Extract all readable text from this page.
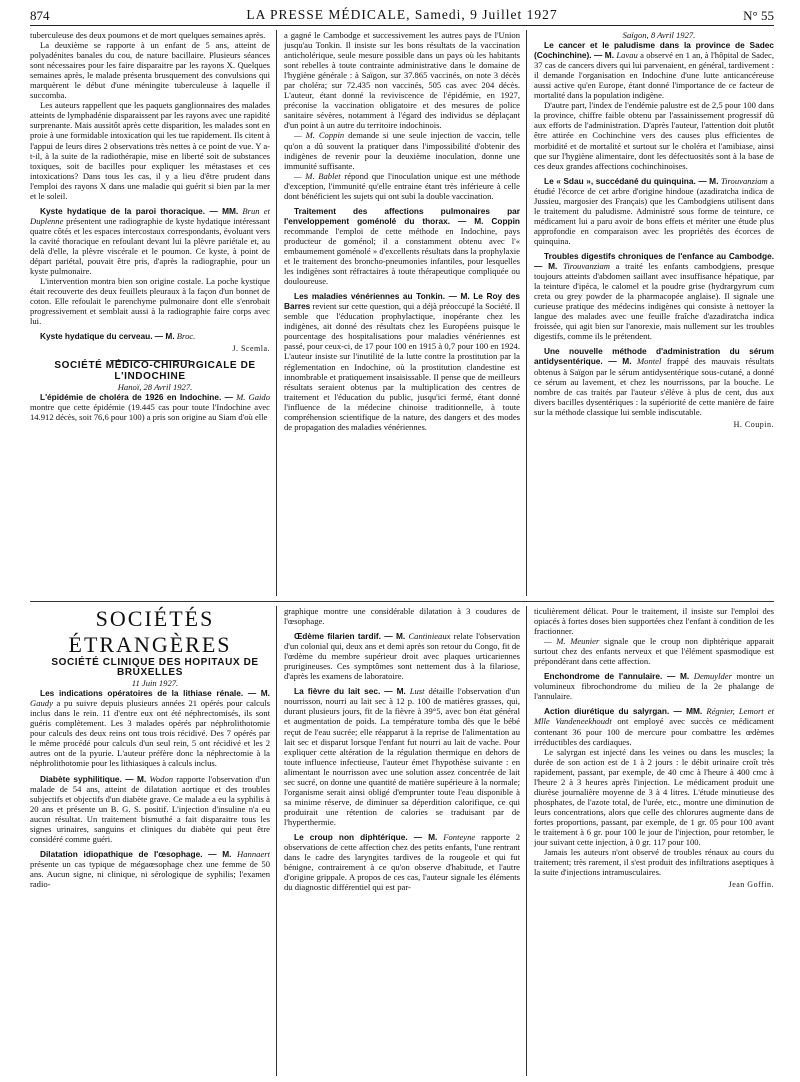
874	LA PRESSE MÉDICALE, Samedi, 9 Juillet 1927	N° 55

tuberculeuse des deux poumons et de mort quelques semaines après.

La deuxième se rapporte à un enfant de 5 ans, atteint de polyadénites banales du cou, de nature bacillaire. Plusieurs séances sont nécessaires pour les faire disparaitre par les rayons X. Quelques semaines après, le malade présenta brusquement des convulsions qui marquèrent le début d'une méningite tuberculeuse à laquelle il succomba.

Les auteurs rappellent que les paquets ganglionnaires des malades atteints de lymphadénie disparaissent par les rayons avec une rapidité surprenante. Mais aussitôt après cette disparition, les malades sont en proie à une formidable intoxication qui les tue rapidement. Ils citent à l'appui de leurs dires 2 observations très nettes à ce point de vue. Y a-t-il, à la suite de la radiothérapie, mise en liberté soit de substances toxiques, soit de bacilles pour expliquer les métastases et ces intoxications? Dans tous les cas, il y a lieu d'être prudent dans l'emploi des rayons X dans une maladie qui guérit si bien par la mer et le soleil.

Kyste hydatique de la paroi thoracique. — MM. Brun et Duplenne présentent une radiographie de kyste hydatique intéressant quatre côtés et les espaces intercostaux correspondants, évoluant vers la cavité thoracique en refoulant devant lui la plèvre pariétale et, au delà d'elle, la plèvre viscérale et le poumon. Ce kyste, à point de départ pariétal, pouvait être pris, d'après la radiographie, pour un kyste pulmonaire.

L'intervention montra bien son origine costale. La poche kystique était recouverte des deux feuillets pleuraux à la façon d'un bonnet de coton. Elle refoulait le parenchyme pulmonaire dont elle s'enrobait progressivement et semblait aussi à la radiographie faire corps avec lui.

Kyste hydatique du cerveau. — M. Broc.

J. Scemla.

SOCIÉTÉ MÉDICO-CHIRURGICALE DE L'INDOCHINE

Hanoï, 28 Avril 1927.

L'épidémie de choléra de 1926 en Indochine. — M. Gaido montre que cette épidémie (19.445 cas pour toute l'Indochine avec 14.912 décès, soit 76,6 pour 100) a pris son origine au Siam d'où elle

a gagné le Cambodge et successivement les autres pays de l'Union jusqu'au Tonkin. Il insiste sur les bons résultats de la vaccination anticholérique, seule mesure possible dans un pays où les habitants sont rebelles à toute contrainte administrative dans le domaine de l'hygiène générale : à Saïgon, sur 37.865 vaccinés, on note 3 décès par choléra; sur 72.435 non vaccinés, 505 cas avec 204 décès. L'auteur, étant donné la reviviscence de l'épidémie, en 1927, préconise la vaccination obligatoire et des mesures de police sanitaire sévères, notamment à l'égard des individus se déplaçant d'un point à un autre du territoire indochinois.

— M. Coppin demande si une seule injection de vaccin, telle qu'on a dû souvent la pratiquer dans l'impossibilité d'obtenir des indigènes de revenir pour la deuxième inoculation, donne une immunité suffisante.

— M. Bablet répond que l'inoculation unique est une méthode d'exception, l'immunité qu'elle entraine étant très inférieure à celle dont bénéficient les sujets qui ont subi la double vaccination.

Traitement des affections pulmonaires par l'enveloppement goménolé du thorax. — M. Coppin recommande l'emploi de cette méthode en Indochine, pays producteur de goménol; il a constamment obtenu avec l'« embaumement goménolé » d'excellents résultats dans la prophylaxie et le traitement des broncho-pneumonies infantiles, pour lesquelles les indigènes sont réfractaires à toute thérapeutique compliquée ou douloureuse.

Les maladies vénériennes au Tonkin. — M. Le Roy des Barres revient sur cette question, qui a déjà préoccupé la Société. Il semble que l'éducation prophylactique, inopérante chez les indigènes, ait donné des résultats chez les Européens puisque le pourcentage des hospitalisations pour maladies vénériennes est passé, pour ceux-ci, de 17 pour 100 en 1915 à 0,7 pour 100 en 1924. L'auteur insiste sur l'inutilité de la lutte contre la prostitution par la réglementation en Indochine, où la prostitution clandestine est innombrable et pratiquement insaisissable. Il pense que de meilleurs résultats seraient obtenus par la multiplication des centres de traitement et l'éducation du public, jusqu'ici fermé, étant donné l'influence de la médecine chinoise traditionnelle, à toute compréhension scientifique de la nature, des dangers et des modes de propagation des maladies vénériennes.

Saïgon, 8 Avril 1927.

Le cancer et le paludisme dans la province de Sadec (Cochinchine). — M. Lavau a observé en 1 an, à l'hôpital de Sadec, 37 cas de cancers divers qui lui parvenaient, en général, tardivement : il demande l'organisation en Indochine d'une lutte anticancéreuse aussi active qu'en Europe, étant donné l'importance de ce facteur de mortalité dans la population indigène.

D'autre part, l'index de l'endémie palustre est de 2,5 pour 100 dans la province, chiffre faible obtenu par l'assainissement progressif dû aux efforts de l'administration. D'après l'auteur, l'attention doit plutôt être attirée en Cochinchine vers des causes plus efficientes de morbidité et de mortalité et surtout sur le choléra et l'amibiase, ainsi que sur l'hygiène alimentaire, dont les défectuosités sont à la base de ces deux grandes affections cochinchinoises.

Le « Sdau », succédané du quinquina. — M. Tirouvanziam a étudié l'écorce de cet arbre d'origine hindoue (azadiratcha indica de Jussieu, margosier des Français) que les Cambodgiens utilisent dans le traitement du paludisme. Administré sous forme de teinture, ce médicament lui a paru avoir de bons effets et mériter une étude plus approfondie en comparaison avec les propriétés des écorces de quinquina.

Troubles digestifs chroniques de l'enfance au Cambodge. — M. Tirouvanziam a traité les enfants cambodgiens, presque toujours atteints d'abdomen saillant avec insuffisance hépatique, par la teinture d'ipéca, le calomel et la poudre grise (hydrargyrum cum creta ou grey powder de la pharmacopée anglaise). Il signale une curieuse pratique des médecins indigènes qui consiste à nettoyer la langue des malades avec une feuille fraîche d'azadiratcha indica froissée, qui agit bien sur l'anorexie, mais nullement sur les troubles digestifs, comme ils le prétendent.

Une nouvelle méthode d'administration du sérum antidysentérique. — M. Montel frappé des mauvais résultats obtenus à Saïgon par le sérum antidysentérique sous-cutané, a donné ce sérum au lavement, et chez les nourrissons, par la bouche. Le nombre de cas traités par l'auteur s'élève à plus de cent, dus aux divers bacilles dysentériques : la supériorité de cette manière de faire sur la méthode classique lui semble indiscutable.

H. Coupin.

SOCIÉTÉS ÉTRANGÈRES

SOCIÉTÉ CLINIQUE DES HOPITAUX DE BRUXELLES

11 Juin 1927.

Les indications opératoires de la lithiase rénale. — M. Gaudy a pu suivre depuis plusieurs années 21 opérés pour calculs inclus dans le rein. 11 d'entre eux ont été néphrectomisés, ils sont guéris complètement. Les 3 malades opérés par néphrolithotomie pour calculs des deux reins ont tous trois récidivé. Des 7 opérés par le même procédé pour calculs d'un seul rein, 5 ont récidivé et les 2 autres ont de la pyurie. L'auteur préfère donc la néphrectomie à la néphrolithotomie pour les lithiasiques à calculs inclus.

Diabète syphilitique. — M. Wodon rapporte l'observation d'un malade de 54 ans, atteint de dilatation aortique et des troubles subjectifs et objectifs d'un diabète grave. Ce malade a eu la syphilis à 20 ans et présente un B. G. S. positif. L'injection d'insuline n'a eu aucun résultat. Un traitement bismuthé a fait disparaitre tous les signes urinaires, sanguins et cliniques du diabète qui peut être considéré comme guéri.

Dilatation idiopathique de l'œsophage. — M. Hannaert présente un cas typique de mégaœsophage chez une femme de 50 ans. Aucun signe, ni clinique, ni sérologique de syphilis; l'examen radio-

graphique montre une considérable dilatation à 3 coudures de l'œsophage.

Œdème filarien tardif. — M. Cantinieaux relate l'observation d'un colonial qui, deux ans et demi après son retour du Congo, fit de l'œdème du membre supérieur droit avec plaques urticariennes prurigineuses. Ces symptômes sont nettement dus à la filariose, d'après les examens de laboratoire.

La fièvre du lait sec. — M. Lust détaille l'observation d'un nourrisson, nourri au lait sec à 12 p. 100 de matières grasses, qui, durant plusieurs jours, fit de la fièvre à 39°5, avec bon état général et augmentation de poids. La température tomba dès que le bébé reçut de l'eau sucrée; elle réapparut à la reprise de l'alimentation au lait sec et disparut lorsque l'enfant fut nourri au lait de vache. Pour expliquer cette altération de la régulation thermique en dehors de toute influence infectieuse, l'auteur émet l'hypothèse suivante : en alimentant le nourrisson avec une solution assez concentrée de lait sec sucré, on donne une quantité de matière supérieure à la normale; l'organisme serait ainsi obligé d'emprunter toute l'eau disponible à sa minime réserve, de diminuer sa déperdition calorifique, ce qui produirait une rétention de calories se traduisant par de l'hyperthermie.

Le croup non diphtérique. — M. Fonteyne rapporte 2 observations de cette affection chez des petits enfants, l'une rentrant dans le cadre des laryngites tardives de la rougeole et qui fut bénigne, contrairement à ce qu'on observe d'habitude, et l'autre d'origine grippale. A propos de ces cas, l'auteur signale les éléments du diagnostic différentiel qui est par-

ticulièrement délicat. Pour le traitement, il insiste sur l'emploi des opiacés à fortes doses bien supportées chez l'enfant à condition de les fractionner.

— M. Meunier signale que le croup non diphtérique apparait surtout chez des enfants nerveux et que l'élément spasmodique est prépondérant dans cette affection.

Enchondrome de l'annulaire. — M. Demuylder montre un volumineux fibrochondrome du milieu de la 2e phalange de l'annulaire.

Action diurétique du salyrgan. — MM. Régnier, Lemort et Mlle Vandeneekhoudt ont employé avec succès ce médicament contenant 36 pour 100 de mercure pour combattre les œdèmes irréductibles des cardiaques.

Le salyrgan est injecté dans les veines ou dans les muscles; la durée de son action est de 1 à 2 jours : le débit urinaire croît très rapidement, passant, par exemple, de 40 cmc à l'heure à 400 cmc à l'heure 2 à 3 heures après l'injection. Le médicament produit une diurèse journalière moyenne de 3 à 4 litres. L'étude minutieuse des phosphates, de l'azote total, de l'urée, etc., montre une diminution de leurs concentrations, alors que celle des chlorures augmente dans de fortes proportions, passant, par exemple, de 1 gr. 05 pour 100 avant le traitement à 6 gr. pour 100 le jour de l'injection, pour retomber, le jour suivant cette injection, à 0 gr. 117 pour 100.

Jamais les auteurs n'ont observé de troubles rénaux au cours du traitement; très rarement, il s'est produit des infiltrations aseptiques à la suite d'injections intramusculaires.

Jean Goffin.
